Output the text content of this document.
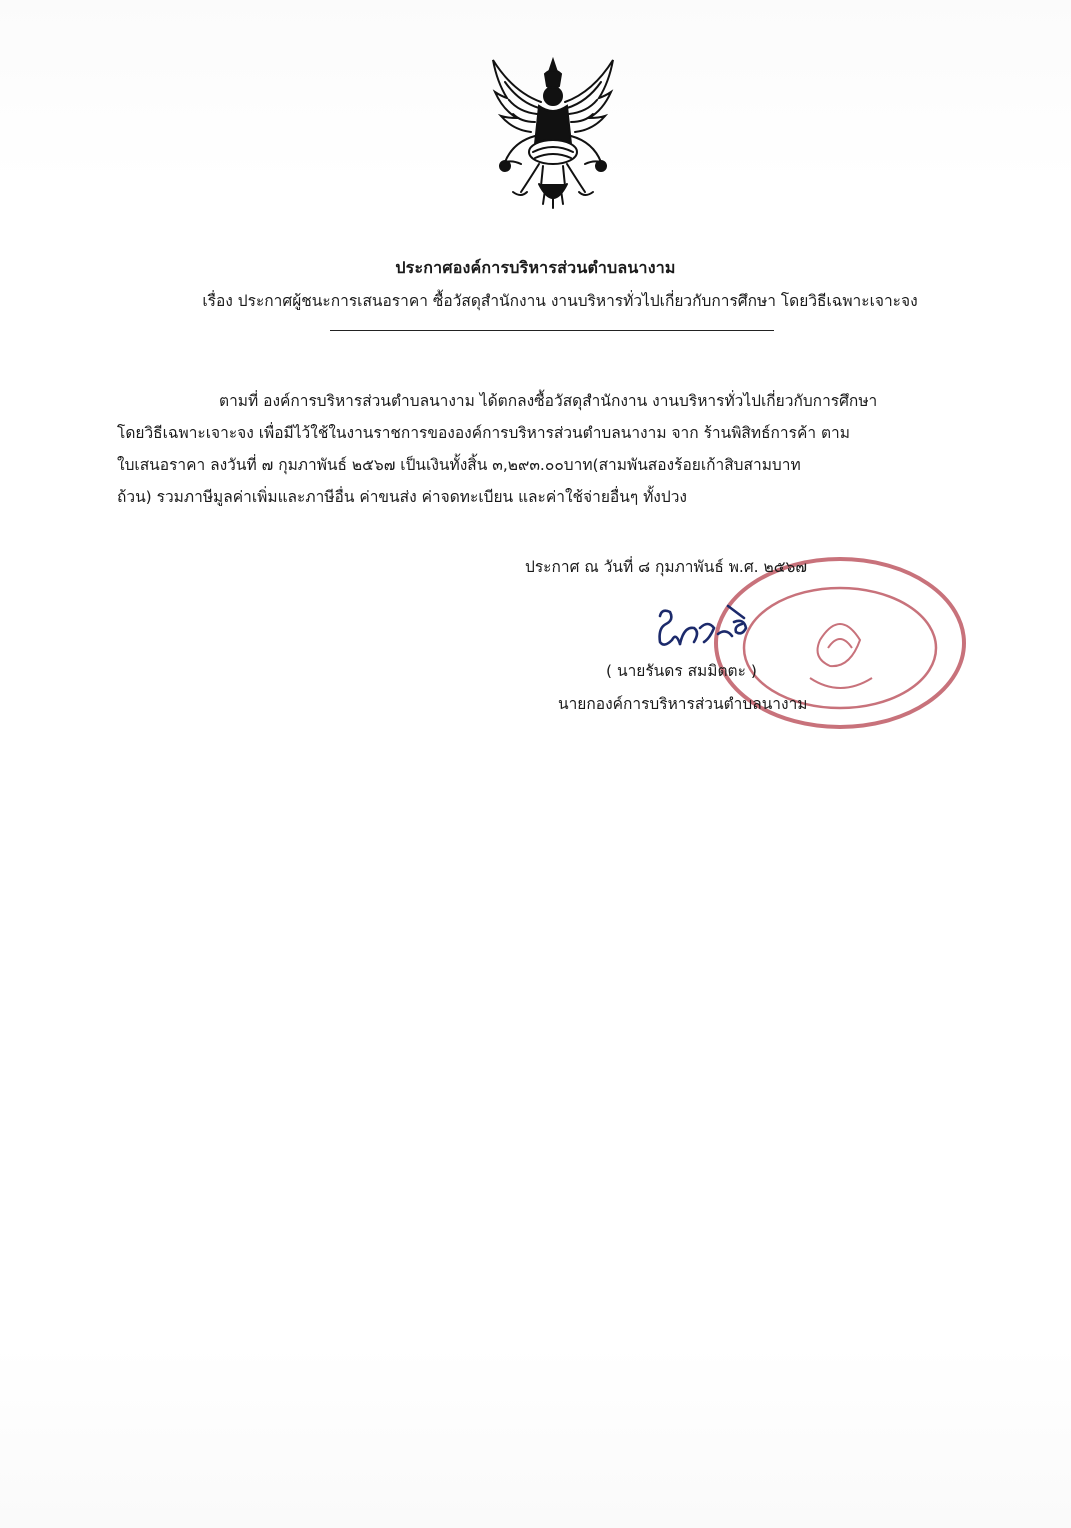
ประกาศองค์การบริหารส่วนตำบลนางาม
เรื่อง ประกาศผู้ชนะการเสนอราคา ซื้อวัสดุสำนักงาน งานบริหารทั่วไปเกี่ยวกับการศึกษา โดยวิธีเฉพาะเจาะจง
ตามที่ องค์การบริหารส่วนตำบลนางาม ได้ตกลงซื้อวัสดุสำนักงาน งานบริหารทั่วไปเกี่ยวกับการศึกษา
โดยวิธีเฉพาะเจาะจง เพื่อมีไว้ใช้ในงานราชการขององค์การบริหารส่วนตำบลนางาม จาก ร้านพิสิทธ์การค้า ตาม
ใบเสนอราคา ลงวันที่ ๗ กุมภาพันธ์ ๒๕๖๗ เป็นเงินทั้งสิ้น ๓,๒๙๓.๐๐บาท(สามพันสองร้อยเก้าสิบสามบาท
ถ้วน) รวมภาษีมูลค่าเพิ่มและภาษีอื่น ค่าขนส่ง ค่าจดทะเบียน และค่าใช้จ่ายอื่นๆ ทั้งปวง
ประกาศ ณ วันที่ ๘ กุมภาพันธ์ พ.ศ. ๒๕๖๗
( นายรันดร สมมิตตะ )
นายกองค์การบริหารส่วนตำบลนางาม
